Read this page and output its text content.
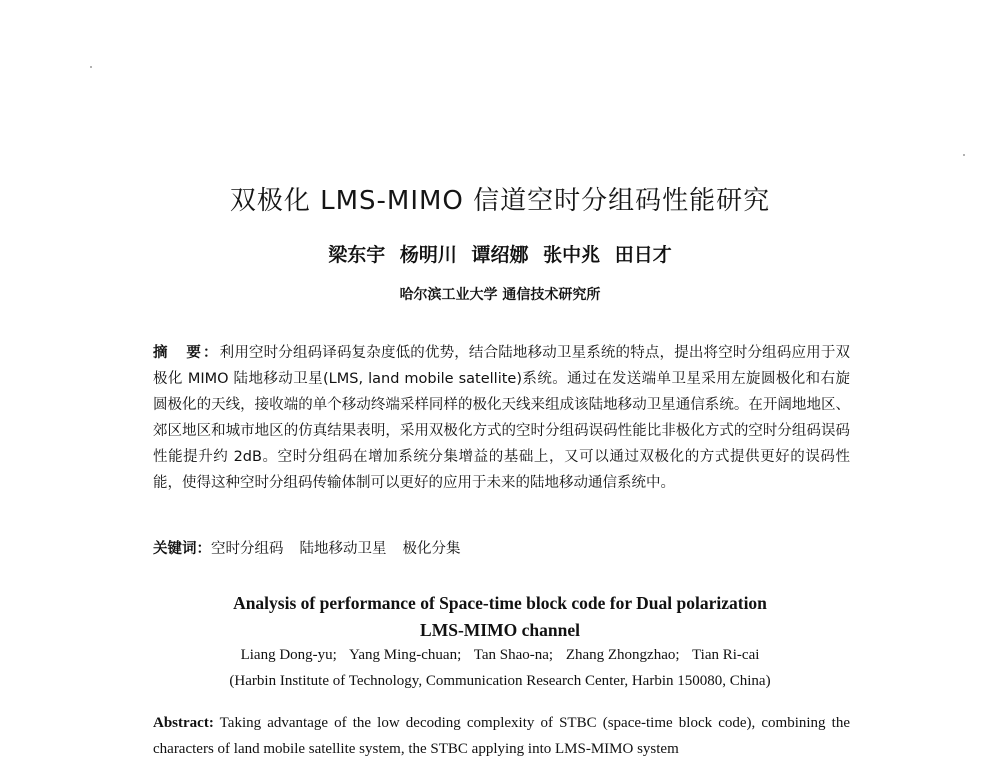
双极化 LMS-MIMO 信道空时分组码性能研究
梁东宇 杨明川 谭绍娜 张中兆 田日才
哈尔滨工业大学 通信技术研究所
摘　要：利用空时分组码译码复杂度低的优势，结合陆地移动卫星系统的特点，提出将空时分组码应用于双极化 MIMO 陆地移动卫星(LMS, land mobile satellite)系统。通过在发送端单卫星采用左旋圆极化和右旋圆极化的天线，接收端的单个移动终端采样同样的极化天线来组成该陆地移动卫星通信系统。在开阔地地区、郊区地区和城市地区的仿真结果表明，采用双极化方式的空时分组码误码性能比非极化方式的空时分组码误码性能提升约 2dB。空时分组码在增加系统分集增益的基础上，又可以通过双极化的方式提供更好的误码性能，使得这种空时分组码传输体制可以更好的应用于未来的陆地移动通信系统中。
关键词：空时分组码 陆地移动卫星 极化分集
Analysis of performance of Space-time block code for Dual polarization
LMS-MIMO channel
Liang Dong-yu; Yang Ming-chuan; Tan Shao-na; Zhang Zhongzhao; Tian Ri-cai
(Harbin Institute of Technology, Communication Research Center, Harbin 150080, China)
Abstract: Taking advantage of the low decoding complexity of STBC (space-time block code), combining the characters of land mobile satellite system, the STBC applying into LMS-MIMO system
